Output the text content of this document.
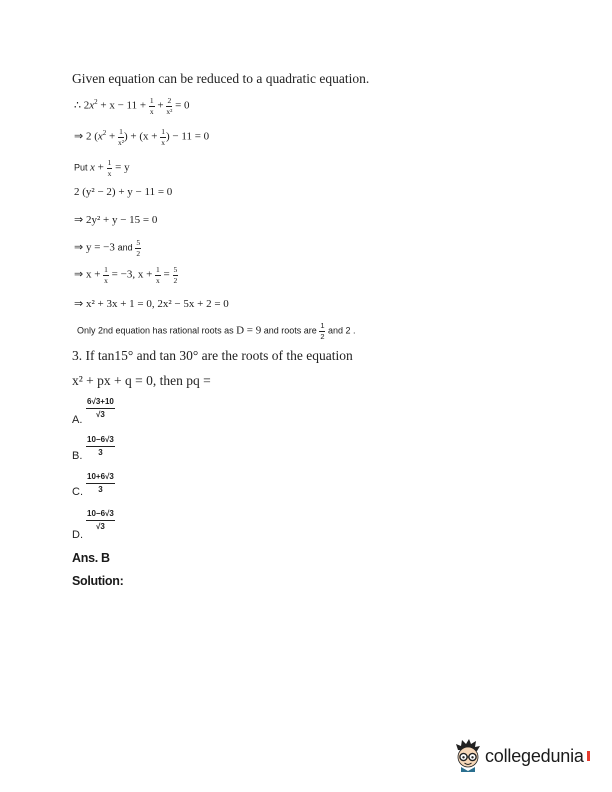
Given equation can be reduced to a quadratic equation.
∴ $2x^2 + x - 11 + \frac{1}{x} + \frac{2}{\text{x²}} = 0$
⇒ 2 ($x^2 + \frac{1}{\text{x²}}$ ) + ($x + \frac{1}{x}$ ) − 11 = 0
Put $x + \frac{1}{x} = y$
2 (y² − 2) + y − 11 = 0
⇒ 2y² + y − 15 = 0
⇒ y = −3 and $\frac{5}{2}$
⇒ $x + \frac{1}{x} = -3$, $x + \frac{1}{x} = \frac{5}{2}$
⇒ x² + 3x + 1 = 0, 2x² − 5x + 2 = 0
Only 2nd equation has rational roots as D = 9 and roots are $\frac{1}{2}$ and 2 .
3. If tan15° and tan 30° are the roots of the equation
x² + px + q = 0, then pq =
6√3+10
√3
A.
10−6√3
3
B.
10+6√3
3
C.
10−6√3
√3
D.
Ans. B
Solution:
collegedunia
